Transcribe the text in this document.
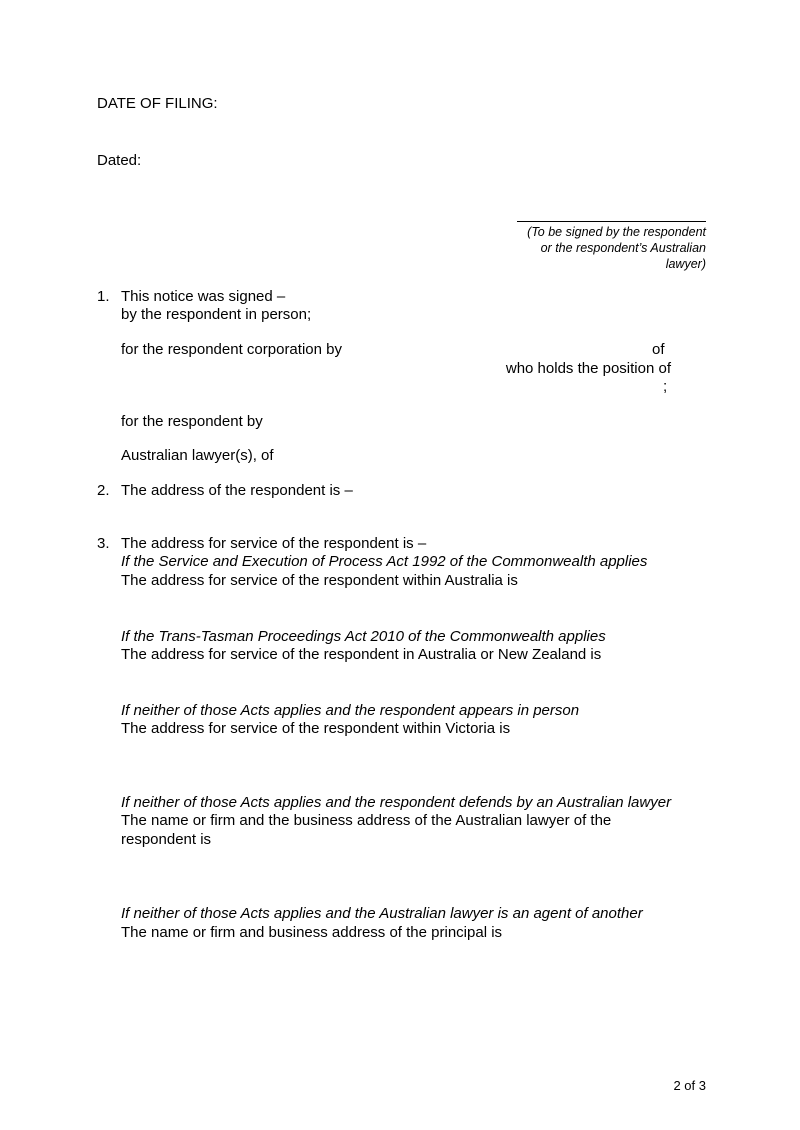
DATE OF FILING:
Dated:
(To be signed by the respondent
or the respondent’s Australian
lawyer)
1. This notice was signed –
by the respondent in person;
for the respondent corporation by	of
who holds the position of
;
for the respondent by
Australian lawyer(s), of
2. The address of the respondent is –
3. The address for service of the respondent is –
If the Service and Execution of Process Act 1992 of the Commonwealth applies
The address for service of the respondent within Australia is
If the Trans-Tasman Proceedings Act 2010 of the Commonwealth applies
The address for service of the respondent in Australia or New Zealand is
If neither of those Acts applies and the respondent appears in person
The address for service of the respondent within Victoria is
If neither of those Acts applies and the respondent defends by an Australian lawyer
The name or firm and the business address of the Australian lawyer of the
respondent is
If neither of those Acts applies and the Australian lawyer is an agent of another
The name or firm and business address of the principal is
2 of 3
